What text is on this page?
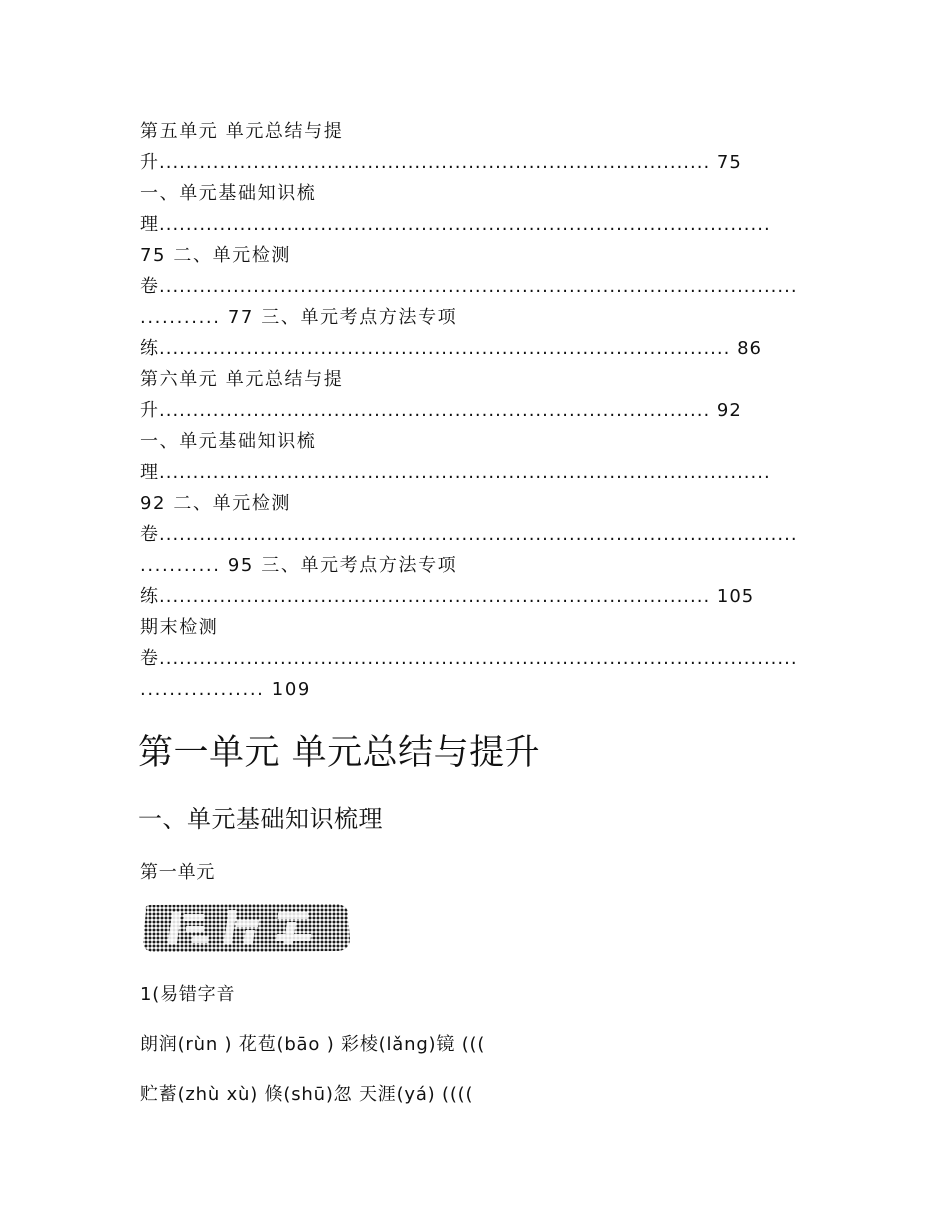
第五单元 单元总结与提
升.................................................................................. 75
一、单元基础知识梳
理...........................................................................................
75 二、单元检测
卷...............................................................................................
........... 77 三、单元考点方法专项
练..................................................................................... 86
第六单元 单元总结与提
升.................................................................................. 92
一、单元基础知识梳
理...........................................................................................
92 二、单元检测
卷...............................................................................................
........... 95 三、单元考点方法专项
练.................................................................................. 105
期末检测
卷...............................................................................................
................. 109
第一单元 单元总结与提升
一、单元基础知识梳理
第一单元
1(易错字音
朗润(rùn ) 花苞(bāo ) 彩棱(lǎng)镜 (((
贮蓄(zhù xù) 倏(shū)忽 天涯(yá) ((((
